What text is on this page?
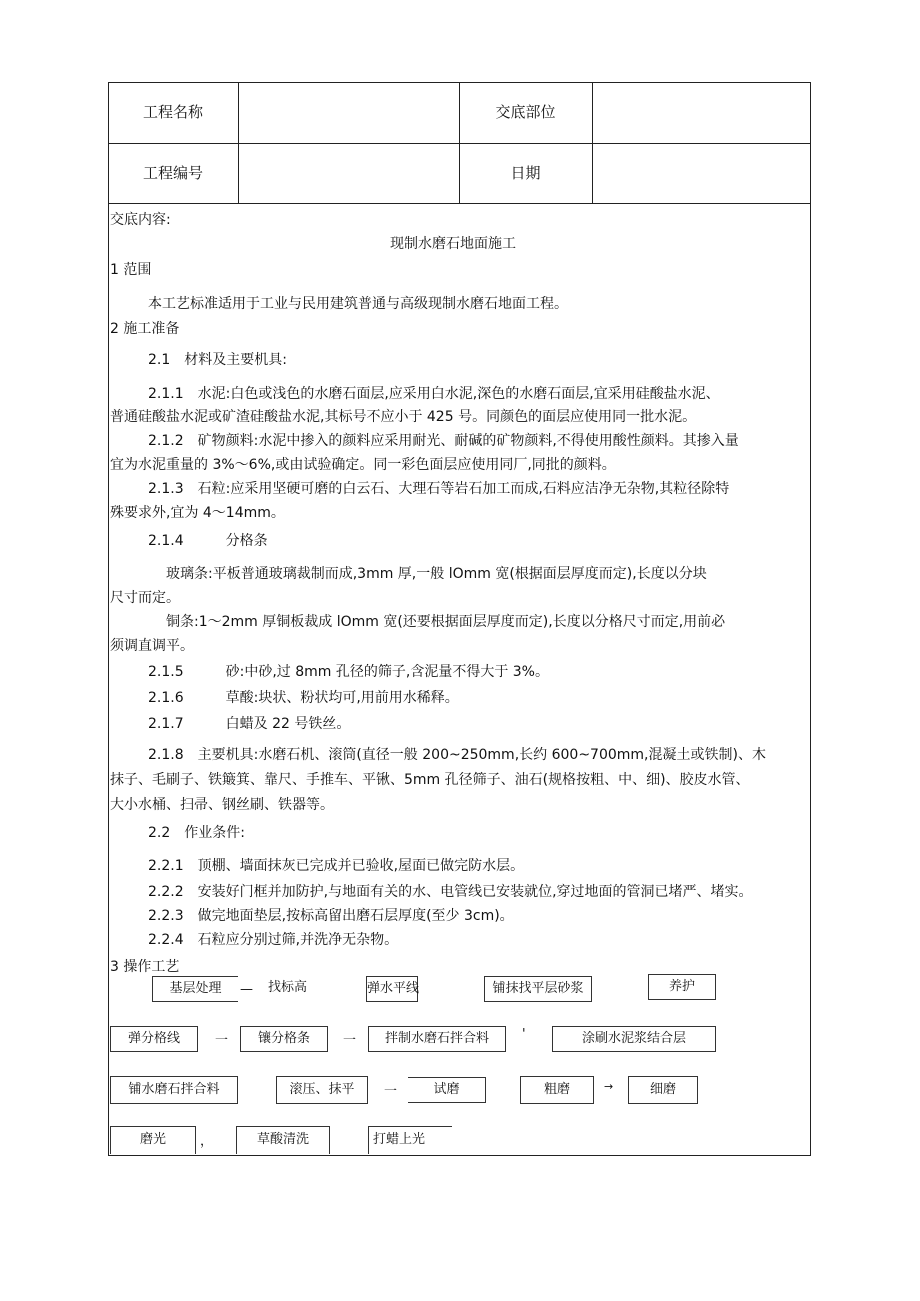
工程名称	交底部位
工程编号	日期
交底内容:
现制水磨石地面施工
1 范围
本工艺标准适用于工业与民用建筑普通与高级现制水磨石地面工程。
2 施工准备
2.1　材料及主要机具:
2.1.1　水泥:白色或浅色的水磨石面层,应采用白水泥,深色的水磨石面层,宜采用硅酸盐水泥、
普通硅酸盐水泥或矿渣硅酸盐水泥,其标号不应小于 425 号。同颜色的面层应使用同一批水泥。
2.1.2　矿物颜料:水泥中掺入的颜料应采用耐光、耐碱的矿物颜料,不得使用酸性颜料。其掺入量
宜为水泥重量的 3%～6%,或由试验确定。同一彩色面层应使用同厂,同批的颜料。
2.1.3　石粒:应采用坚硬可磨的白云石、大理石等岩石加工而成,石料应洁净无杂物,其粒径除特
殊要求外,宜为 4～14mm。
2.1.4　　　分格条
玻璃条:平板普通玻璃裁制而成,3mm 厚,一般 lOmm 宽(根据面层厚度而定),长度以分块
尺寸而定。
铜条:1～2mm 厚铜板裁成 lOmm 宽(还要根据面层厚度而定),长度以分格尺寸而定,用前必
须调直调平。
2.1.5　　　砂:中砂,过 8mm 孔径的筛子,含泥量不得大于 3%。
2.1.6　　　草酸:块状、粉状均可,用前用水稀释。
2.1.7　　　白蜡及 22 号铁丝。
2.1.8　主要机具:水磨石机、滚筒(直径一般 200~250mm,长约 600~700mm,混凝土或铁制)、木
抹子、毛刷子、铁簸箕、靠尺、手推车、平锹、5mm 孔径筛子、油石(规格按粗、中、细)、胶皮水管、
大小水桶、扫帚、钢丝刷、铁器等。
2.2　作业条件:
2.2.1　顶棚、墙面抹灰已完成并已验收,屋面已做完防水层。
2.2.2　安装好门框并加防护,与地面有关的水、电管线已安装就位,穿过地面的管洞已堵严、堵实。
2.2.3　做完地面垫层,按标高留出磨石层厚度(至少 3cm)。
2.2.4　石粒应分别过筛,并洗净无杂物。
3 操作工艺
基层处理	— 找标高	弹水平线	铺抹找平层砂浆	养护
弹分格线	一	镶分格条	一	拌制水磨石拌合料	'	涂刷水泥浆结合层
铺水磨石拌合料	滚压、抹平	一	试磨	粗磨	→	细磨
磨光	，	草酸清洗	打蜡上光
